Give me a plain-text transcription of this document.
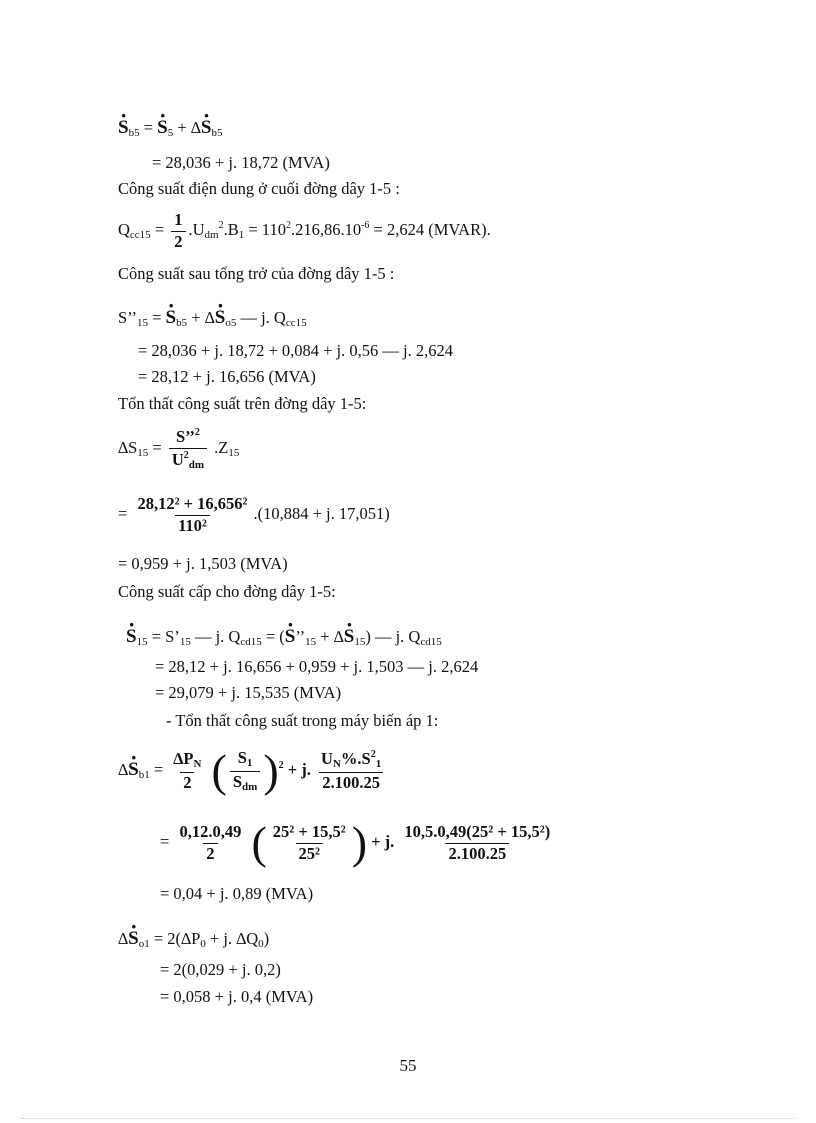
· $S_{b5}$ = · $S_5$ + ∆· $S_{b5}$
= 28,036 + j. 18,72 (MVA)
Công suất điện dung ở cuối đờng dây 1-5 :
$Q_{cc15} = \frac{1}{2} .U_{dm}^2.B_1 = 110^2.216,86.10^{-6} = 2,624$ (MVAR).
Công suất sau tổng trở của đờng dây 1-5 :
$S’’_{15}$ = · $S_{b5}$ + ∆· $S_{o5}$ — j. $Q_{cc15}$
= 28,036 + j. 18,72 + 0,084 + j. 0,56 — j. 2,624
= 28,12 + j. 16,656 (MVA)
Tổn thất công suất trên đờng dây 1-5:
$\Delta S_{15} = \frac{S’’^2}{U^2_{dm}} .Z_{15}$
= $\frac{\text{28,12² + 16,656²}}{\text{110²}} .(10,884 + j$. 17,051)
= 0,959 + j. 1,503 (MVA)
Công suất cấp cho đờng dây 1-5:
· $S_{15}$ = $S’_{15}$ — j. $Q_{cd15}$ = (· $S’’_{15}$ + ∆· $S_{15}$) — j. $Q_{cd15}$
= 28,12 + j. 16,656 + 0,959 + j. 1,503 — j. 2,624
= 29,079 + j. 15,535 (MVA)
- Tổn thất công suất trong máy biến áp 1:
∆· $S_{b1} = \frac{\Delta P_N}{2}$ ( $\frac{S_1}{S_{dm}} )^2 + j$. $\frac{U_N\%.S^2_1}{2.100.25}$
= $\frac{0,12.0,49}{2}$ ( $\frac{\text{25² + 15,5²}}{\text{25²}}$ ) + j. $\frac{\text{10,5.0,49(25² + 15,5²)}}{2.100.25}$
= 0,04 + j. 0,89 (MVA)
∆· $S_{o1} = 2(\Delta P_0 + j$. $\Delta Q_0$)
= 2(0,029 + j. 0,2)
= 0,058 + j. 0,4 (MVA)
55
